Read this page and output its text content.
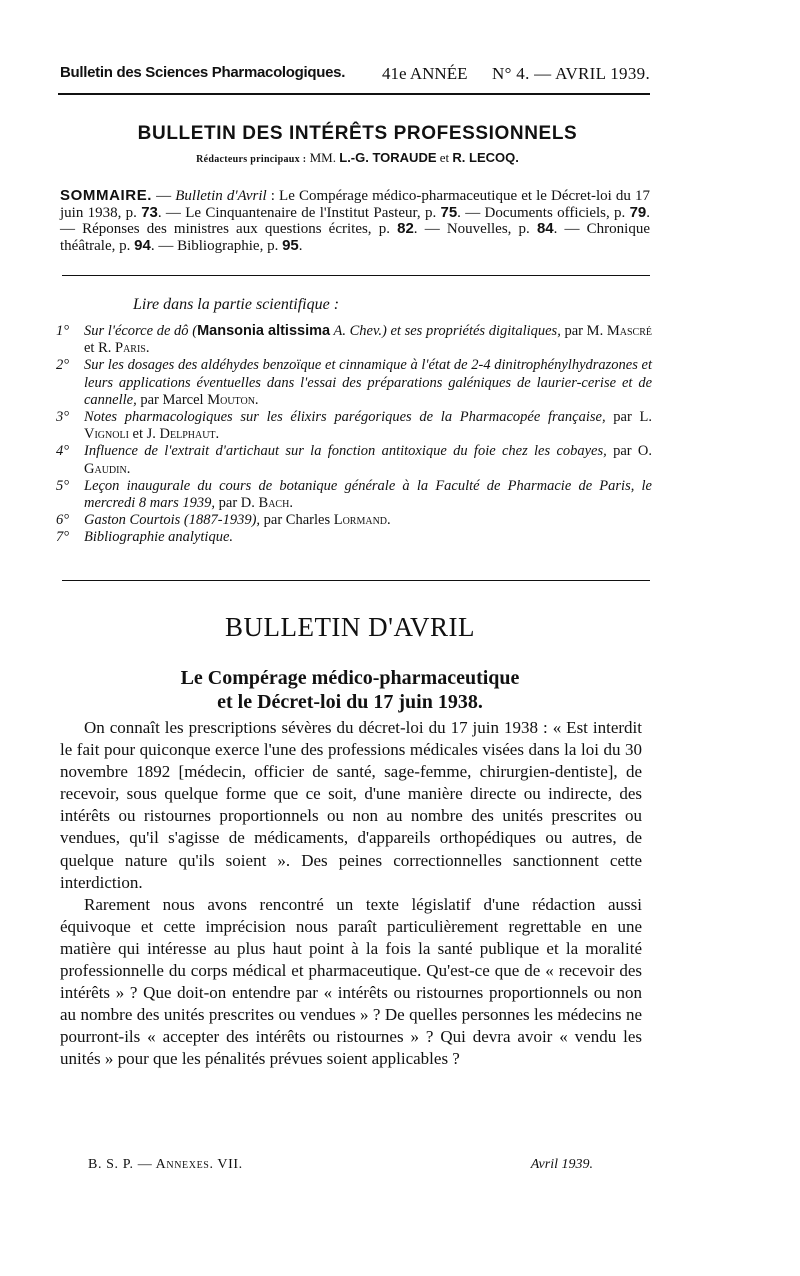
Bulletin des Sciences Pharmacologiques. 41e ANNÉE N° 4. — AVRIL 1939.
BULLETIN DES INTÉRÊTS PROFESSIONNELS
Rédacteurs principaux : MM. L.-G. TORAUDE et R. LECOQ.
SOMMAIRE. — Bulletin d'Avril : Le Compérage médico-pharmaceutique et le Décret-loi du 17 juin 1938, p. 73. — Le Cinquantenaire de l'Institut Pasteur, p. 75. — Documents officiels, p. 79. — Réponses des ministres aux questions écrites, p. 82. — Nouvelles, p. 84. — Chronique théâtrale, p. 94. — Bibliographie, p. 95.
Lire dans la partie scientifique :
1° Sur l'écorce de dô (Mansonia altissima A. Chev.) et ses propriétés digitaliques, par M. Mascré et R. Paris.
2° Sur les dosages des aldéhydes benzoïque et cinnamique à l'état de 2-4 dinitrophénylhydrazones et leurs applications éventuelles dans l'essai des préparations galéniques de laurier-cerise et de cannelle, par Marcel Mouton.
3° Notes pharmacologiques sur les élixirs parégoriques de la Pharmacopée française, par L. Vignoli et J. Delphaut.
4° Influence de l'extrait d'artichaut sur la fonction antitoxique du foie chez les cobayes, par O. Gaudin.
5° Leçon inaugurale du cours de botanique générale à la Faculté de Pharmacie de Paris, le mercredi 8 mars 1939, par D. Bach.
6° Gaston Courtois (1887-1939), par Charles Lormand.
7° Bibliographie analytique.
BULLETIN D'AVRIL
Le Compérage médico-pharmaceutique
et le Décret-loi du 17 juin 1938.

On connaît les prescriptions sévères du décret-loi du 17 juin 1938 : « Est interdit le fait pour quiconque exerce l'une des professions médicales visées dans la loi du 30 novembre 1892 [médecin, officier de santé, sage-femme, chirurgien-dentiste], de recevoir, sous quelque forme que ce soit, d'une manière directe ou indirecte, des intérêts ou ristournes proportionnels ou non au nombre des unités prescrites ou vendues, qu'il s'agisse de médicaments, d'appareils orthopédiques ou autres, de quelque nature qu'ils soient ». Des peines correctionnelles sanctionnent cette interdiction.

Rarement nous avons rencontré un texte législatif d'une rédaction aussi équivoque et cette imprécision nous paraît particulièrement regrettable en une matière qui intéresse au plus haut point à la fois la santé publique et la moralité professionnelle du corps médical et pharmaceutique. Qu'est-ce que de « recevoir des intérêts » ? Que doit-on entendre par « intérêts ou ristournes proportionnels ou non au nombre des unités prescrites ou vendues » ? De quelles personnes les médecins ne pourront-ils « accepter des intérêts ou ristournes » ? Qui devra avoir « vendu les unités » pour que les pénalités prévues soient applicables ?

B. S. P. — Annexes. VII.	Avril 1939.
